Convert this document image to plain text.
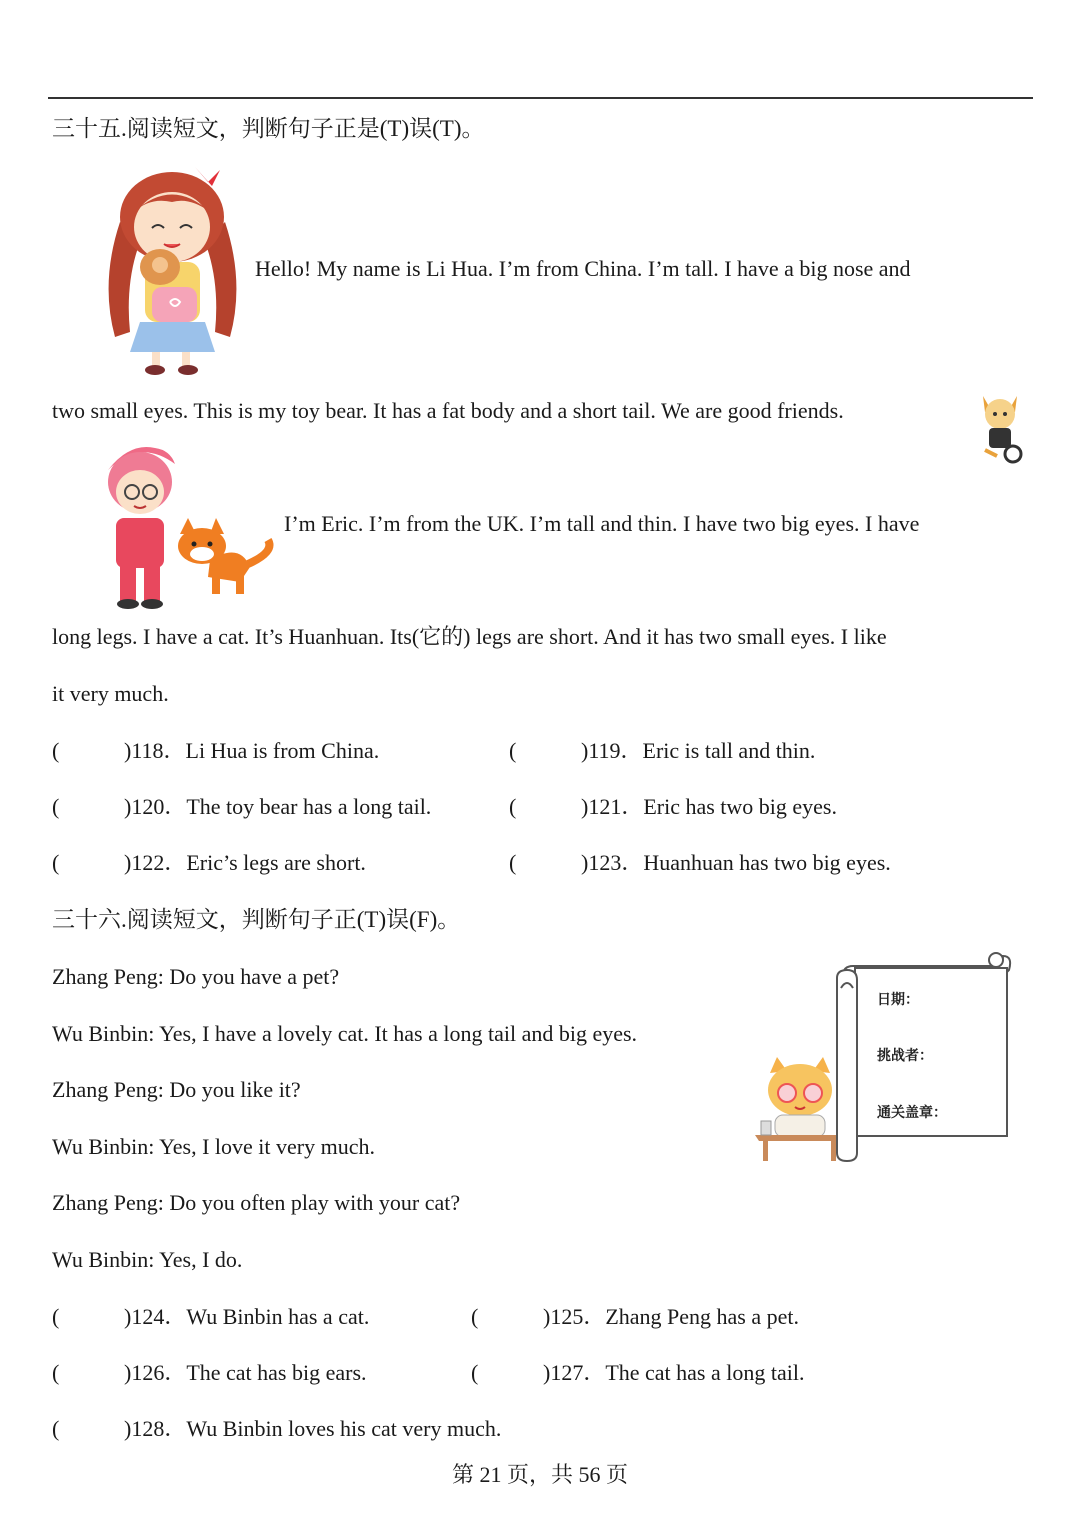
三十五.阅读短文，判断句子正是(T)误(T)。
Hello! My name is Li Hua. I’m from China. I’m tall. I have a big nose and
two small eyes. This is my toy bear. It has a fat body and a short tail. We are good friends.
I’m Eric. I’m from the UK. I’m tall and thin. I have two big eyes. I have
long legs. I have a cat. It’s Huanhuan. Its(它的) legs are short. And it has two small eyes. I like
it very much.
(	)118．Li Hua is from China.	(	)119．Eric is tall and thin.
(	)120．The toy bear has a long tail.	(	)121．Eric has two big eyes.
(	)122．Eric’s legs are short.	(	)123．Huanhuan has two big eyes.
三十六.阅读短文，判断句子正(T)误(F)。
Zhang Peng: Do you have a pet?
Wu Binbin: Yes, I have a lovely cat. It has a long tail and big eyes.
Zhang Peng: Do you like it?
Wu Binbin: Yes, I love it very much.
Zhang Peng: Do you often play with your cat?
Wu Binbin: Yes, I do.
日期：
挑战者：
通关盖章：
(	)124．Wu Binbin has a cat.	(	)125．Zhang Peng has a pet.
(	)126．The cat has big ears.	(	)127．The cat has a long tail.
(	)128．Wu Binbin loves his cat very much.
第 21 页，共 56 页
